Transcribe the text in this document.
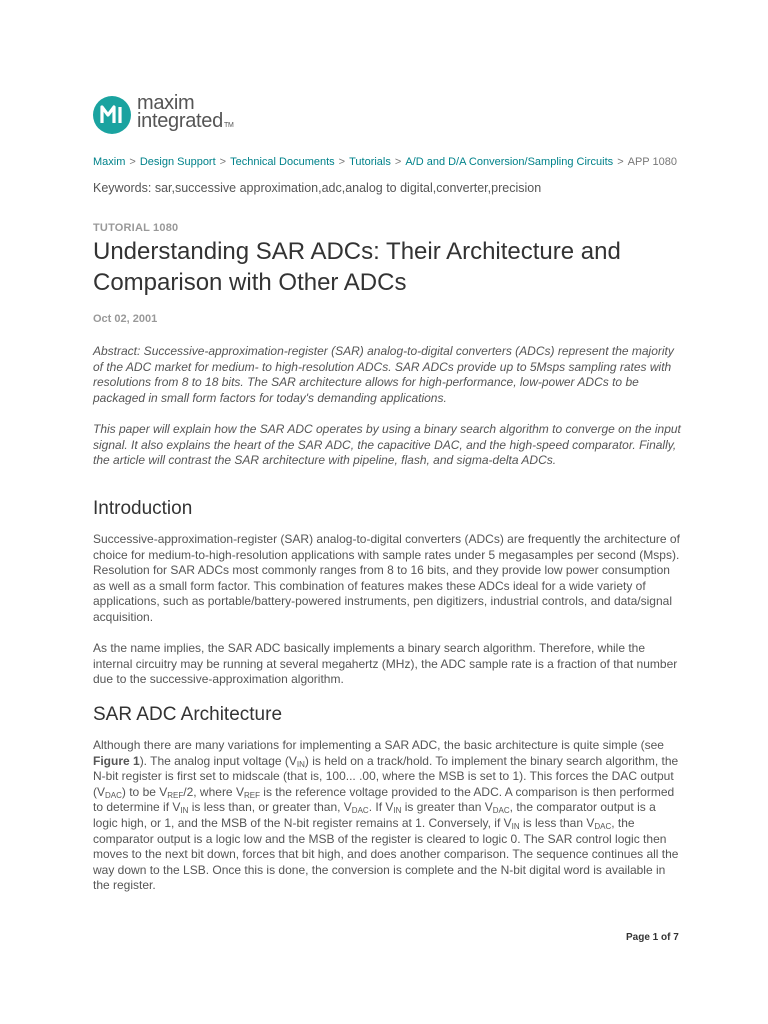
maxim
integratedTM
Maxim > Design Support > Technical Documents > Tutorials > A/D and D/A Conversion/Sampling Circuits > APP 1080
Keywords: sar,successive approximation,adc,analog to digital,converter,precision
TUTORIAL 1080
Understanding SAR ADCs: Their Architecture and Comparison with Other ADCs
Oct 02, 2001

Abstract: Successive-approximation-register (SAR) analog-to-digital converters (ADCs) represent the majority of the ADC market for medium- to high-resolution ADCs. SAR ADCs provide up to 5Msps sampling rates with resolutions from 8 to 18 bits. The SAR architecture allows for high-performance, low-power ADCs to be packaged in small form factors for today's demanding applications.

This paper will explain how the SAR ADC operates by using a binary search algorithm to converge on the input signal. It also explains the heart of the SAR ADC, the capacitive DAC, and the high-speed comparator. Finally, the article will contrast the SAR architecture with pipeline, flash, and sigma-delta ADCs.

Introduction

Successive-approximation-register (SAR) analog-to-digital converters (ADCs) are frequently the architecture of choice for medium-to-high-resolution applications with sample rates under 5 megasamples per second (Msps). Resolution for SAR ADCs most commonly ranges from 8 to 16 bits, and they provide low power consumption as well as a small form factor. This combination of features makes these ADCs ideal for a wide variety of applications, such as portable/battery-powered instruments, pen digitizers, industrial controls, and data/signal acquisition.

As the name implies, the SAR ADC basically implements a binary search algorithm. Therefore, while the internal circuitry may be running at several megahertz (MHz), the ADC sample rate is a fraction of that number due to the successive-approximation algorithm.

SAR ADC Architecture

Although there are many variations for implementing a SAR ADC, the basic architecture is quite simple (see Figure 1). The analog input voltage $(V_{IN})$ is held on a track/hold. To implement the binary search algorithm, the N-bit register is first set to midscale (that is, 100... .00, where the MSB is set to 1). This forces the DAC output $(V_{DAC})$ to be $V_{REF}/2$, where $V_{REF}$ is the reference voltage provided to the ADC. A comparison is then performed to determine if $V_{IN}$ is less than, or greater than, $V_{DAC}$. If $V_{IN}$ is greater than $V_{DAC}$, the comparator output is a logic high, or 1, and the MSB of the N-bit register remains at 1. Conversely, if $V_{IN}$ is less than $V_{DAC}$, the comparator output is a logic low and the MSB of the register is cleared to logic 0. The SAR control logic then moves to the next bit down, forces that bit high, and does another comparison. The sequence continues all the way down to the LSB. Once this is done, the conversion is complete and the N-bit digital word is available in the register.

Page 1 of 7
